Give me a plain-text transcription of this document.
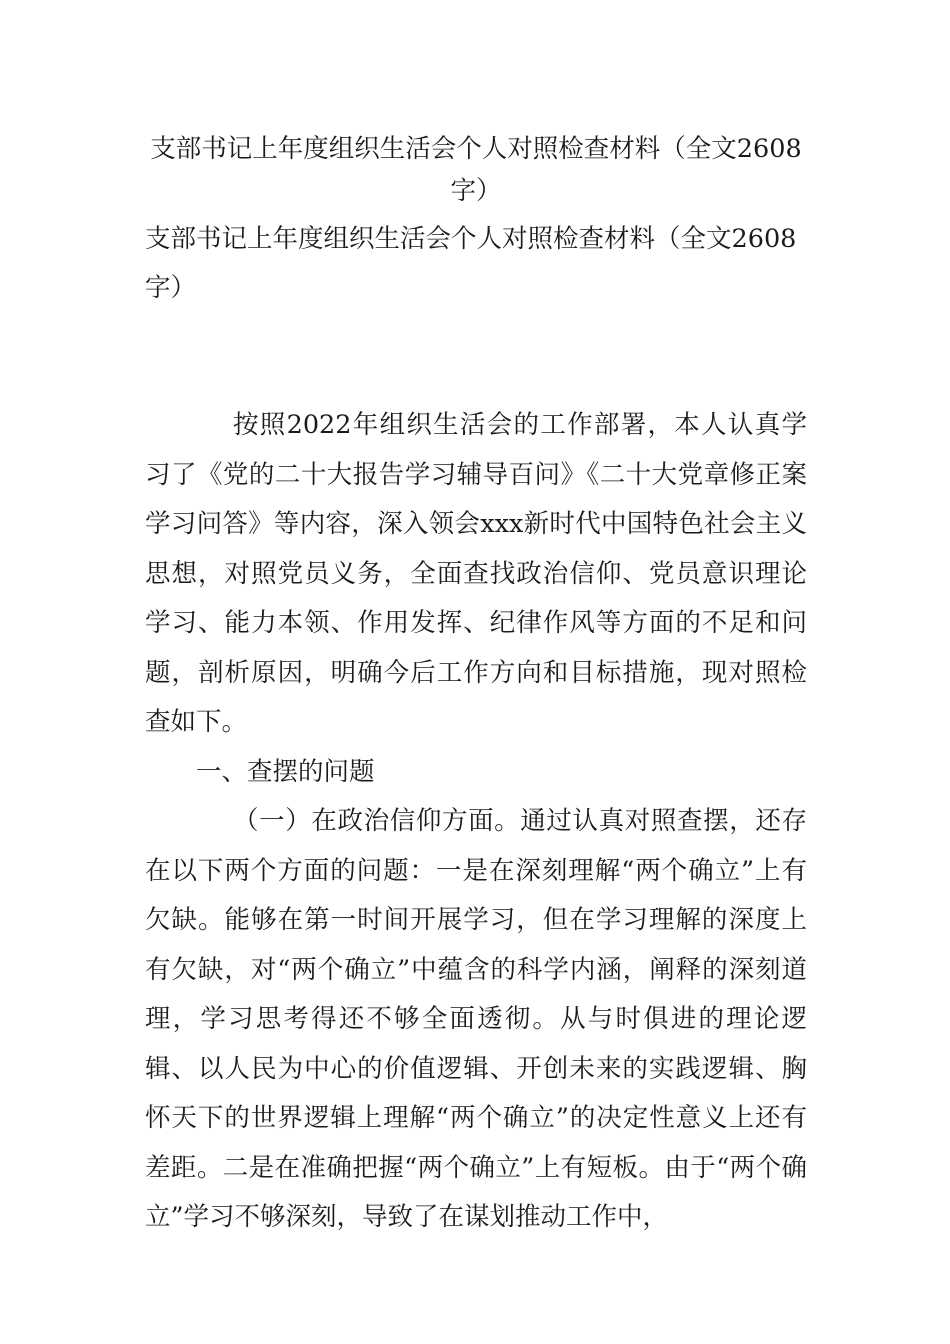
支部书记上年度组织生活会个人对照检查材料（全文2608字）

支部书记上年度组织生活会个人对照检查材料（全文2608字）

按照2022年组织生活会的工作部署，本人认真学习了《党的二十大报告学习辅导百问》《二十大党章修正案学习问答》等内容，深入领会xxx新时代中国特色社会主义思想，对照党员义务，全面查找政治信仰、党员意识理论学习、能力本领、作用发挥、纪律作风等方面的不足和问题，剖析原因，明确今后工作方向和目标措施，现对照检查如下。

一、查摆的问题

（一）在政治信仰方面。通过认真对照查摆，还存在以下两个方面的问题：一是在深刻理解“两个确立”上有欠缺。能够在第一时间开展学习，但在学习理解的深度上有欠缺，对“两个确立”中蕴含的科学内涵，阐释的深刻道理，学习思考得还不够全面透彻。从与时俱进的理论逻辑、以人民为中心的价值逻辑、开创未来的实践逻辑、胸怀天下的世界逻辑上理解“两个确立”的决定性意义上还有差距。二是在准确把握“两个确立”上有短板。由于“两个确立”学习不够深刻，导致了在谋划推动工作中，
